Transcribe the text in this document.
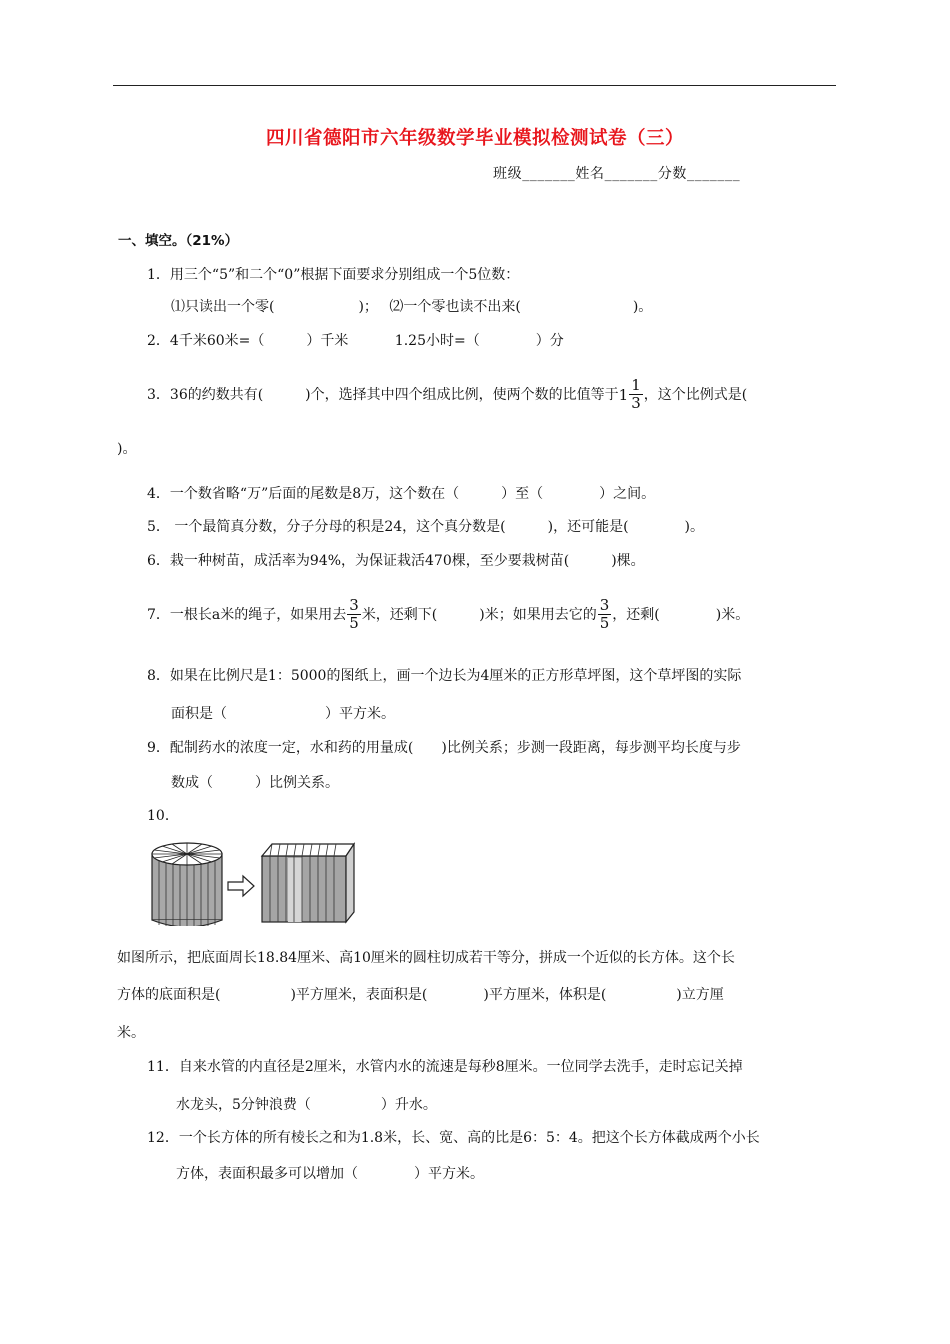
四川省德阳市六年级数学毕业模拟检测试卷（三）
班级_______姓名_______分数_______
一、填空。（21%）
1．用三个“5”和二个“0”根据下面要求分别组成一个5位数：
⑴只读出一个零(　　　　　　)；　 ⑵一个零也读不出来(　　　　　　　　)。
2．4千米60米=（　　　）千米　　　 1.25小时=（　　　　）分
3．36的约数共有(　　　)个，选择其中四个组成比例，使两个数的比值等于 $1 \frac{1}{3}$ ，这个比例式是(
)。
4．一个数省略“万”后面的尾数是8万，这个数在（　　　）至（　　　　）之间。
5． 一个最简真分数，分子分母的积是24，这个真分数是(　　　)，还可能是(　　　　)。
6．栽一种树苗，成活率为94%，为保证栽活470棵，至少要栽树苗(　　　)棵。
7．一根长a米的绳子，如果用去 $\frac{3}{5}$ 米，还剩下(　　　)米；如果用去它的 $\frac{3}{5}$ ，还剩(　　　　)米。
8．如果在比例尺是1：5000的图纸上，画一个边长为4厘米的正方形草坪图，这个草坪图的实际
面积是（　　　　　　　）平方米。
9．配制药水的浓度一定，水和药的用量成(　　)比例关系；步测一段距离，每步测平均长度与步
数成（　　　）比例关系。
10．
如图所示，把底面周长18.84厘米、高10厘米的圆柱切成若干等分，拼成一个近似的长方体。这个长
方体的底面积是(　　　　　)平方厘米，表面积是(　　　　)平方厘米，体积是(　　　　　)立方厘
米。
11．自来水管的内直径是2厘米，水管内水的流速是每秒8厘米。一位同学去洗手，走时忘记关掉
水龙头，5分钟浪费（　　　　　）升水。
12．一个长方体的所有棱长之和为1.8米，长、宽、高的比是6：5：4。把这个长方体截成两个小长
方体，表面积最多可以增加（　　　　）平方米。
